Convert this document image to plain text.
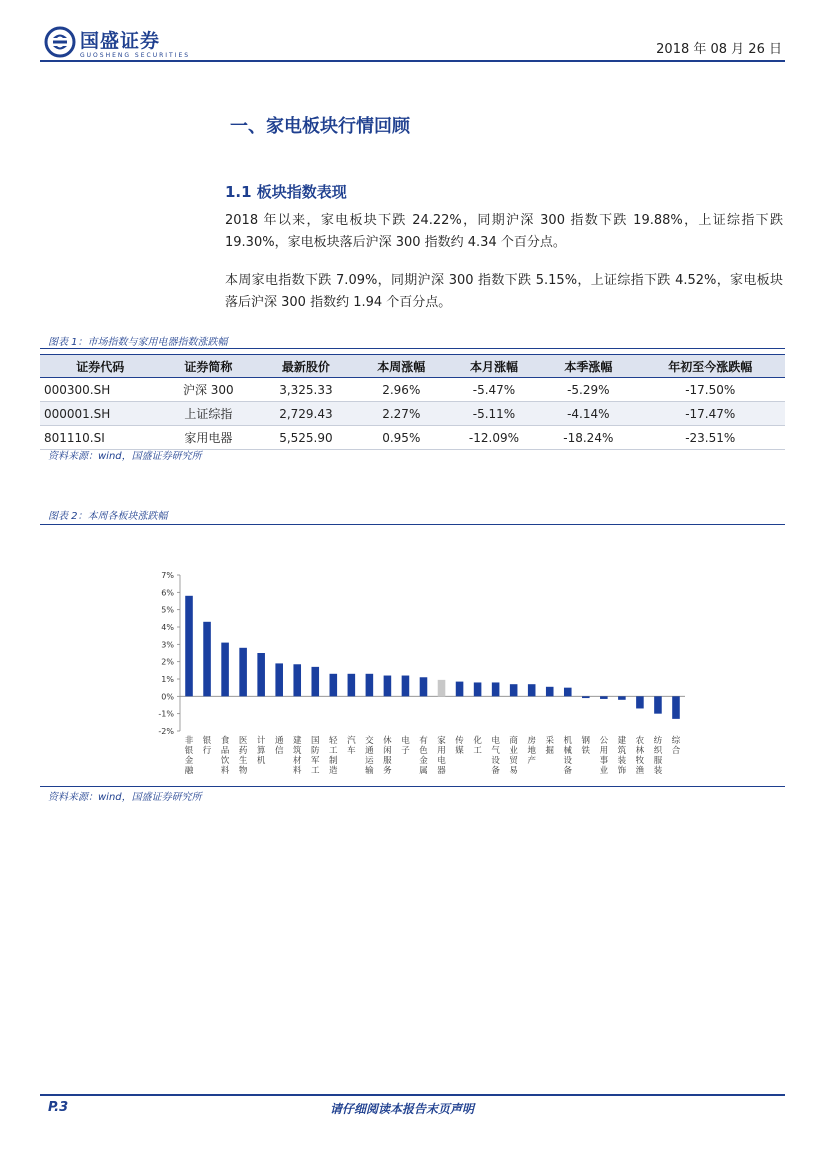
国盛证券
GUOSHENG SECURITIES	2018 年 08 月 26 日
一、家电板块行情回顾
1.1 板块指数表现
2018 年以来，家电板块下跌 24.22%，同期沪深 300 指数下跌 19.88%，上证综指下跌 19.30%，家电板块落后沪深 300 指数约 4.34 个百分点。
本周家电指数下跌 7.09%，同期沪深 300 指数下跌 5.15%，上证综指下跌 4.52%，家电板块落后沪深 300 指数约 1.94 个百分点。
图表 1：市场指数与家用电器指数涨跌幅
证券代码	证券简称	最新股价	本周涨幅	本月涨幅	本季涨幅	年初至今涨跌幅
000300.SH	沪深 300	3,325.33	2.96%	-5.47%	-5.29%	-17.50%
000001.SH	上证综指	2,729.43	2.27%	-5.11%	-4.14%	-17.47%
801110.SI	家用电器	5,525.90	0.95%	-12.09%	-18.24%	-23.51%
资料来源：wind，国盛证券研究所
图表 2：本周各板块涨跌幅
-2%
-1%
0%
1%
2%
3%
4%
5%
6%
7%
非银金融
银行
食品饮料
医药生物
计算机
通信
建筑材料
国防军工
轻工制造
汽车
交通运输
休闲服务
电子
有色金属
家用电器
传媒
化工
电气设备
商业贸易
房地产
采掘
机械设备
钢铁
公用事业
建筑装饰
农林牧渔
纺织服装
综合
资料来源：wind，国盛证券研究所
P.3	请仔细阅读本报告末页声明
